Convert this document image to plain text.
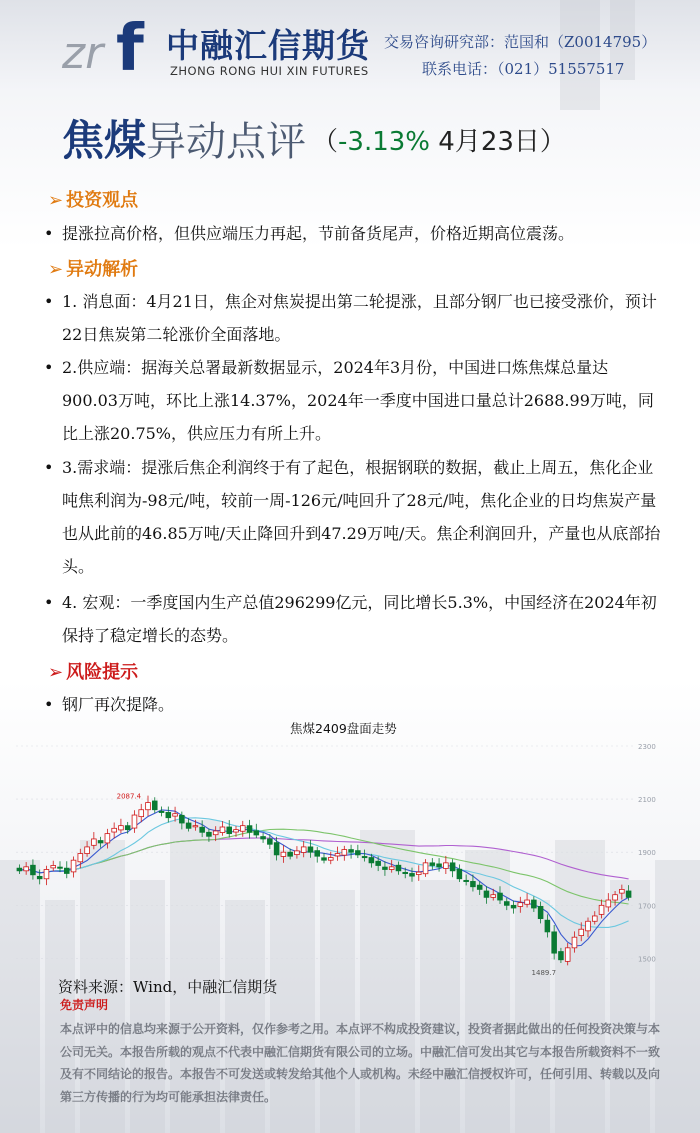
zr f 中融汇信期货
ZHONG RONG HUI XIN FUTURES
交易咨询研究部：范国和（Z0014795）
联系电话：（021）51557517
焦煤异动点评 （-3.13% 4月23日）
➢ 投资观点
• 提涨拉高价格，但供应端压力再起，节前备货尾声，价格近期高位震荡。
➢ 异动解析
• 1. 消息面：4月21日，焦企对焦炭提出第二轮提涨，且部分钢厂也已接受涨价，预计22日焦炭第二轮涨价全面落地。
• 2.供应端：据海关总署最新数据显示，2024年3月份，中国进口炼焦煤总量达900.03万吨，环比上涨14.37%，2024年一季度中国进口量总计2688.99万吨，同比上涨20.75%，供应压力有所上升。
• 3.需求端：提涨后焦企利润终于有了起色，根据钢联的数据，截止上周五，焦化企业吨焦利润为-98元/吨，较前一周-126元/吨回升了28元/吨，焦化企业的日均焦炭产量也从此前的46.85万吨/天止降回升到47.29万吨/天。焦企利润回升，产量也从底部抬头。
• 4. 宏观：一季度国内生产总值296299亿元，同比增长5.3%，中国经济在2024年初保持了稳定增长的态势。
➢ 风险提示
• 钢厂再次提降。
焦煤2409盘面走势
2300
2100
1900
1700
1500
2087.4
1489.7
资料来源：Wind，中融汇信期货
免责声明
本点评中的信息均来源于公开资料，仅作参考之用。本点评不构成投资建议，投资者据此做出的任何投资决策与本公司无关。本报告所载的观点不代表中融汇信期货有限公司的立场。中融汇信可发出其它与本报告所载资料不一致及有不同结论的报告。本报告不可发送或转发给其他个人或机构。未经中融汇信授权许可，任何引用、转载以及向第三方传播的行为均可能承担法律责任。
